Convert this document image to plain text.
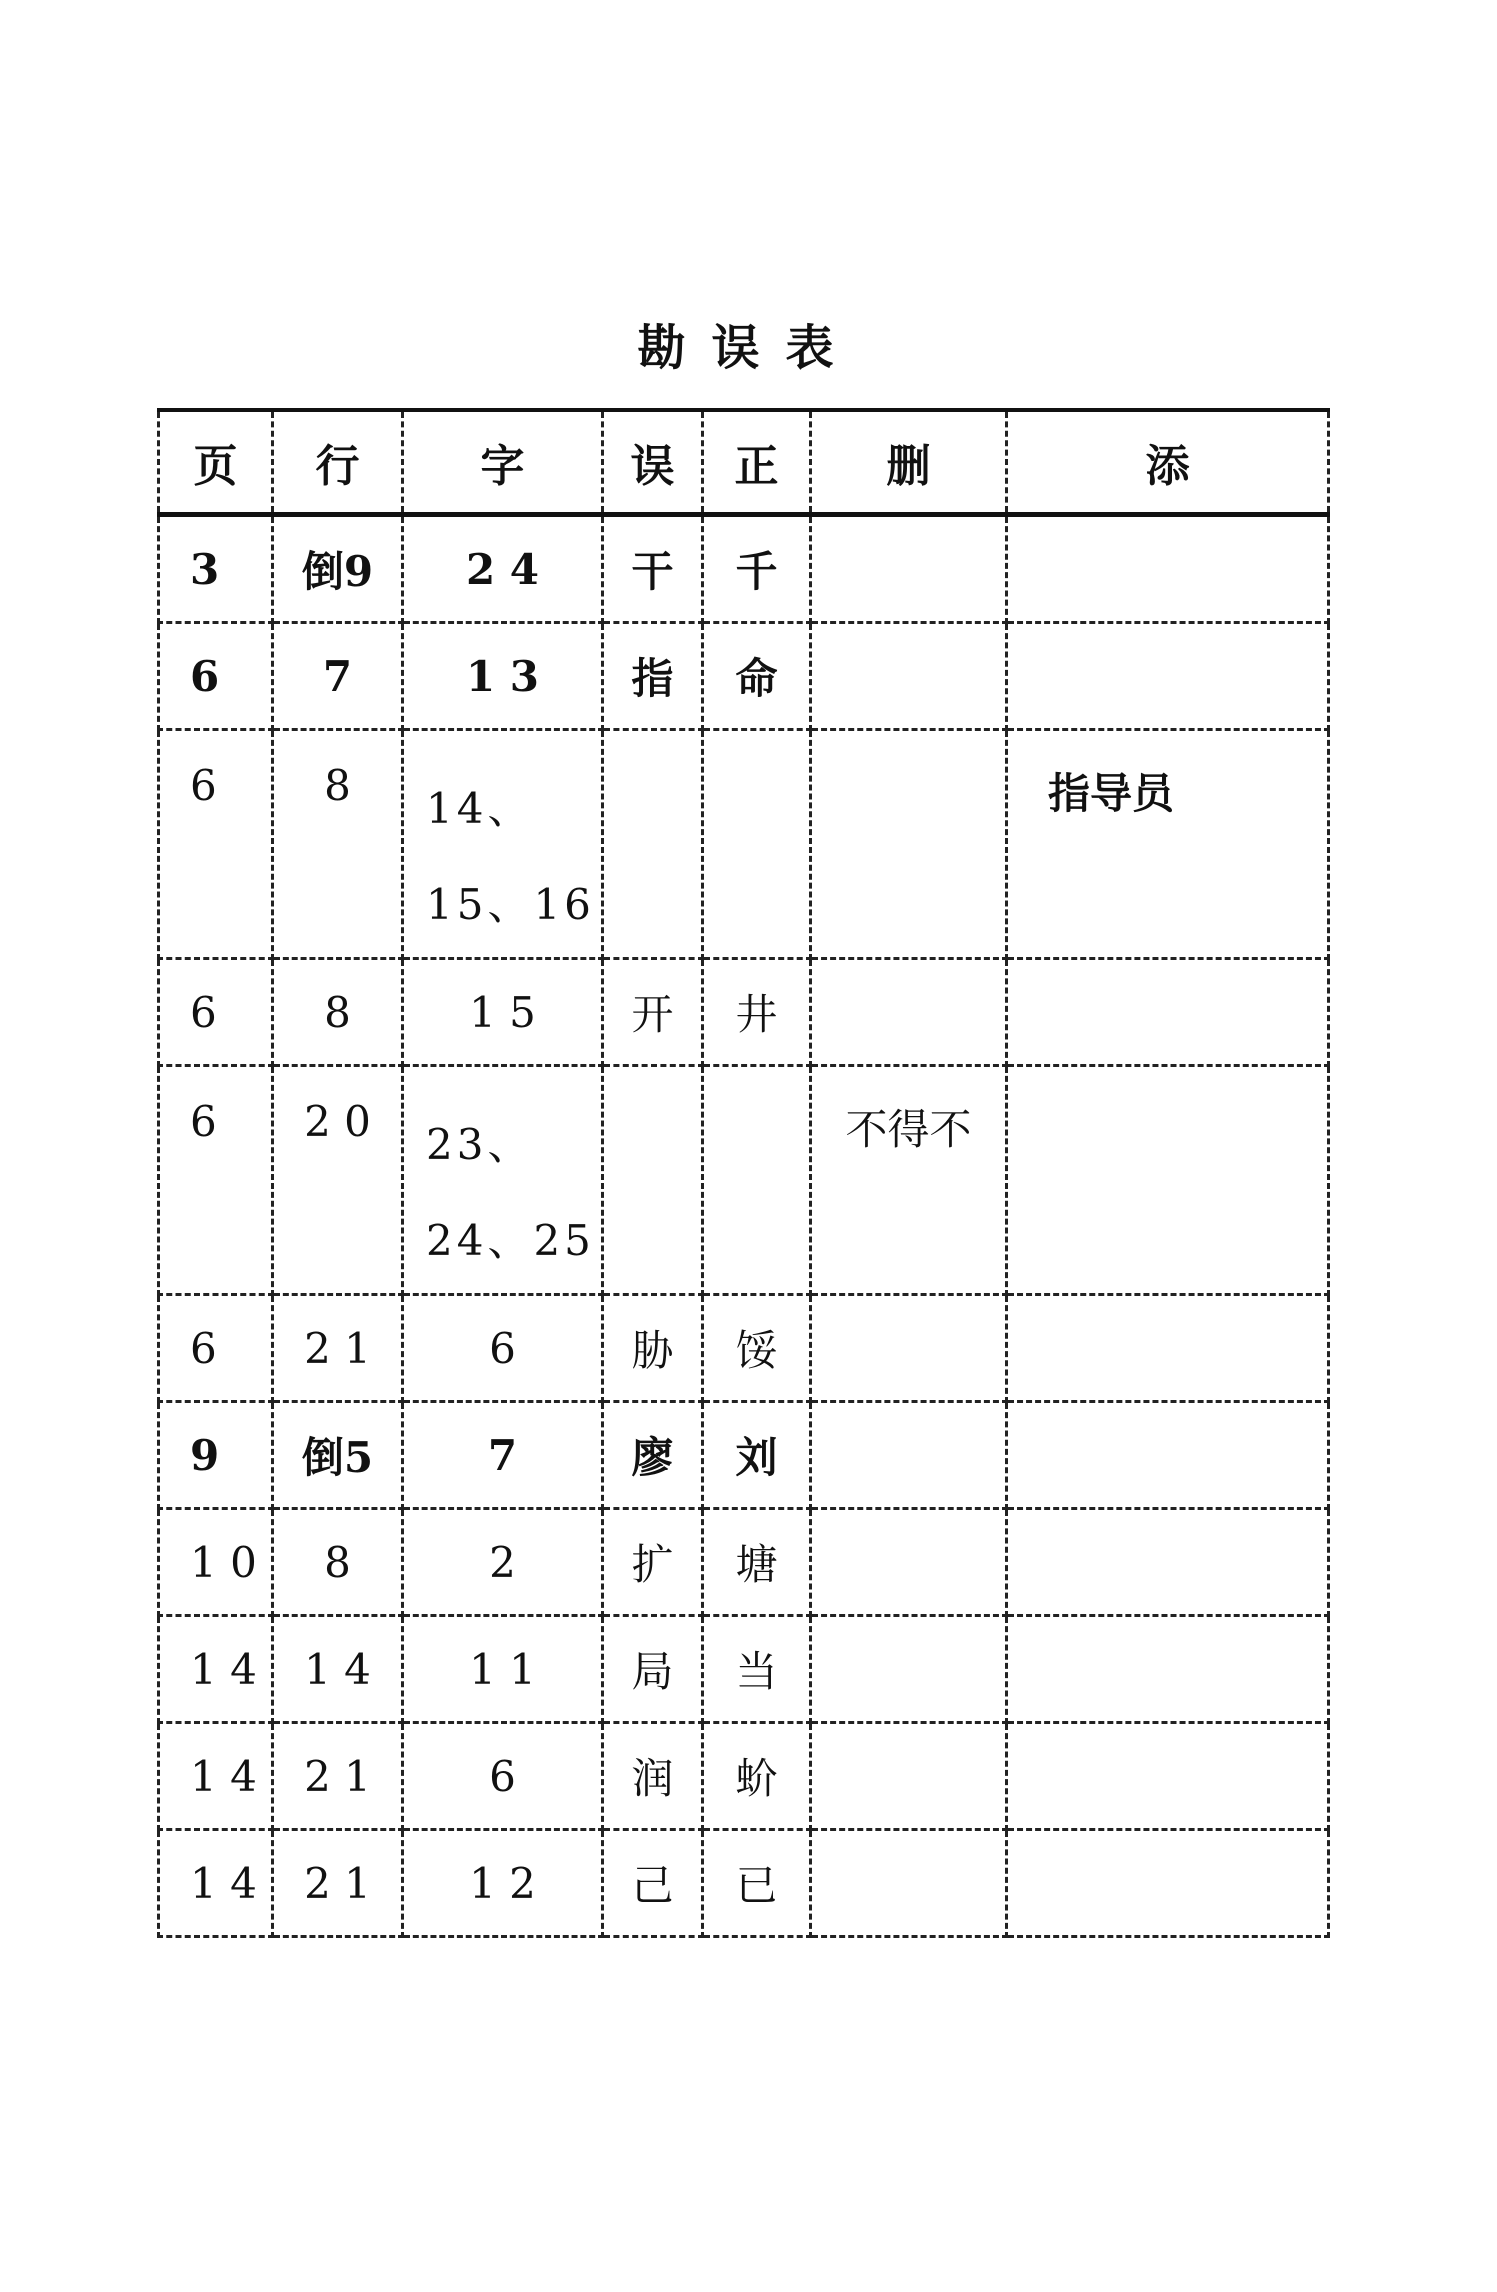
勘误表
页	行	字	误	正	删	添
3	倒9	2 4	干	千		
6	7	1 3	指	命		
6	8	14、15、16				指导员
6	8	1 5	开	井		
6	2 0	23、24、25			不得不	
6	2 1	6	胁	馁		
9	倒5	7	廖	刘		
1 0	8	2	扩	塘		
1 4	1 4	1 1	局	当		
1 4	2 1	6	润	蚧		
1 4	2 1	1 2	己	已		
